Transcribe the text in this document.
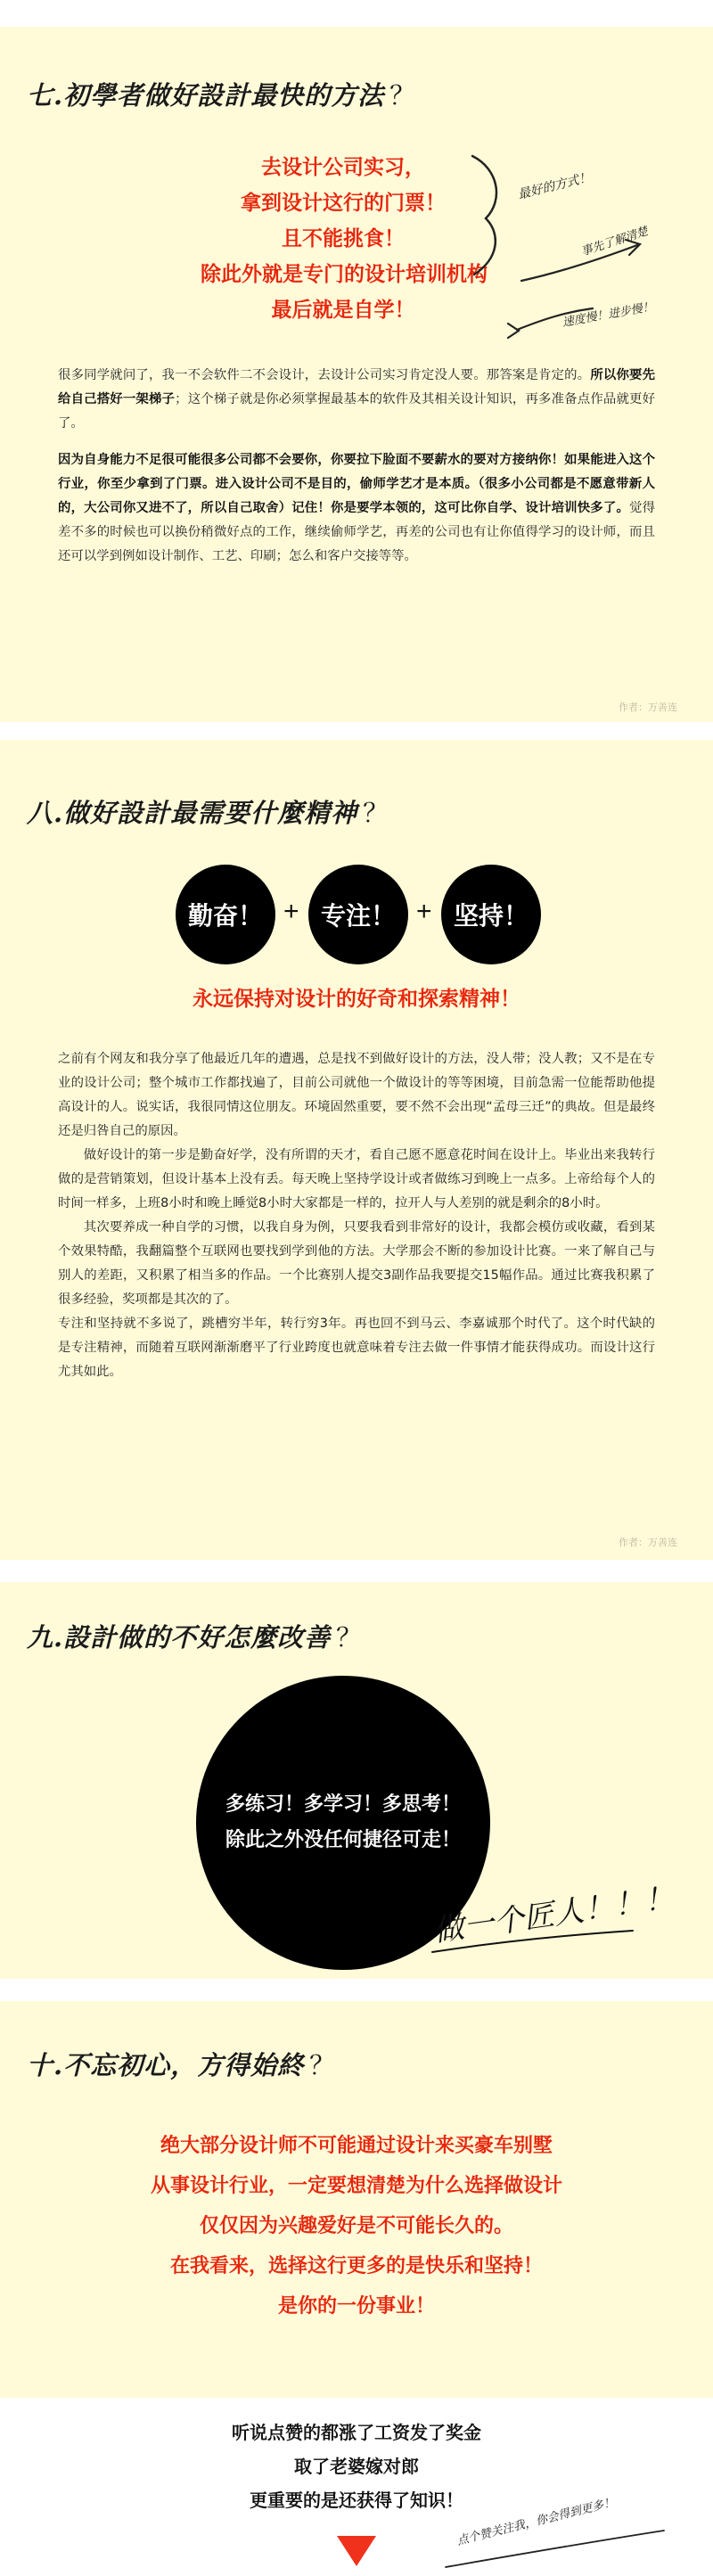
七.初學者做好設計最快的方法 ？
去设计公司实习，
拿到设计这行的门票！
且不能挑食！
除此外就是专门的设计培训机构
最后就是自学！
最好的方式！
事先了解清楚
速度慢！进步慢！

很多同学就问了，我一不会软件二不会设计，去设计公司实习肯定没人要。那答案是肯定的。所以你要先给自己搭好一架梯子；这个梯子就是你必须掌握最基本的软件及其相关设计知识，再多准备点作品就更好了。

因为自身能力不足很可能很多公司都不会要你，你要拉下脸面不要薪水的要对方接纳你！如果能进入这个行业，你至少拿到了门票。进入设计公司不是目的，偷师学艺才是本质。（很多小公司都是不愿意带新人的，大公司你又进不了，所以自己取舍）记住！你是要学本领的，这可比你自学、设计培训快多了。觉得差不多的时候也可以换份稍微好点的工作，继续偷师学艺，再差的公司也有让你值得学习的设计师，而且还可以学到例如设计制作、工艺、印刷；怎么和客户交接等等。

作者：万善连
八.做好設計最需要什麼精神 ？
勤奋！ + 专注！ + 坚持！
永远保持对设计的好奇和探索精神！

之前有个网友和我分享了他最近几年的遭遇，总是找不到做好设计的方法，没人带；没人教；又不是在专业的设计公司；整个城市工作都找遍了，目前公司就他一个做设计的等等困境，目前急需一位能帮助他提高设计的人。说实话，我很同情这位朋友。环境固然重要，要不然不会出现“孟母三迁”的典故。但是最终还是归咎自己的原因。

做好设计的第一步是勤奋好学，没有所谓的天才，看自己愿不愿意花时间在设计上。毕业出来我转行做的是营销策划，但设计基本上没有丢。每天晚上坚持学设计或者做练习到晚上一点多。上帝给每个人的时间一样多，上班8小时和晚上睡觉8小时大家都是一样的，拉开人与人差别的就是剩余的8小时。

其次要养成一种自学的习惯，以我自身为例，只要我看到非常好的设计，我都会模仿或收藏，看到某个效果特酷，我翻篇整个互联网也要找到学到他的方法。大学那会不断的参加设计比赛。一来了解自己与别人的差距，又积累了相当多的作品。一个比赛别人提交3副作品我要提交15幅作品。通过比赛我积累了很多经验，奖项都是其次的了。

专注和坚持就不多说了，跳槽穷半年，转行穷3年。再也回不到马云、李嘉诚那个时代了。这个时代缺的是专注精神，而随着互联网渐渐磨平了行业跨度也就意味着专注去做一件事情才能获得成功。而设计这行尤其如此。

作者：万善连
九.設計做的不好怎麼改善 ？
多练习！多学习！多思考！
除此之外没任何捷径可走！
做一个匠人！！！
十.不忘初心，方得始終 ？
绝大部分设计师不可能通过设计来买豪车别墅
从事设计行业，一定要想清楚为什么选择做设计
仅仅因为兴趣爱好是不可能长久的。
在我看来，选择这行更多的是快乐和坚持！
是你的一份事业！
听说点赞的都涨了工资发了奖金
取了老婆嫁对郎
更重要的是还获得了知识！
点个赞关注我，你会得到更多！
